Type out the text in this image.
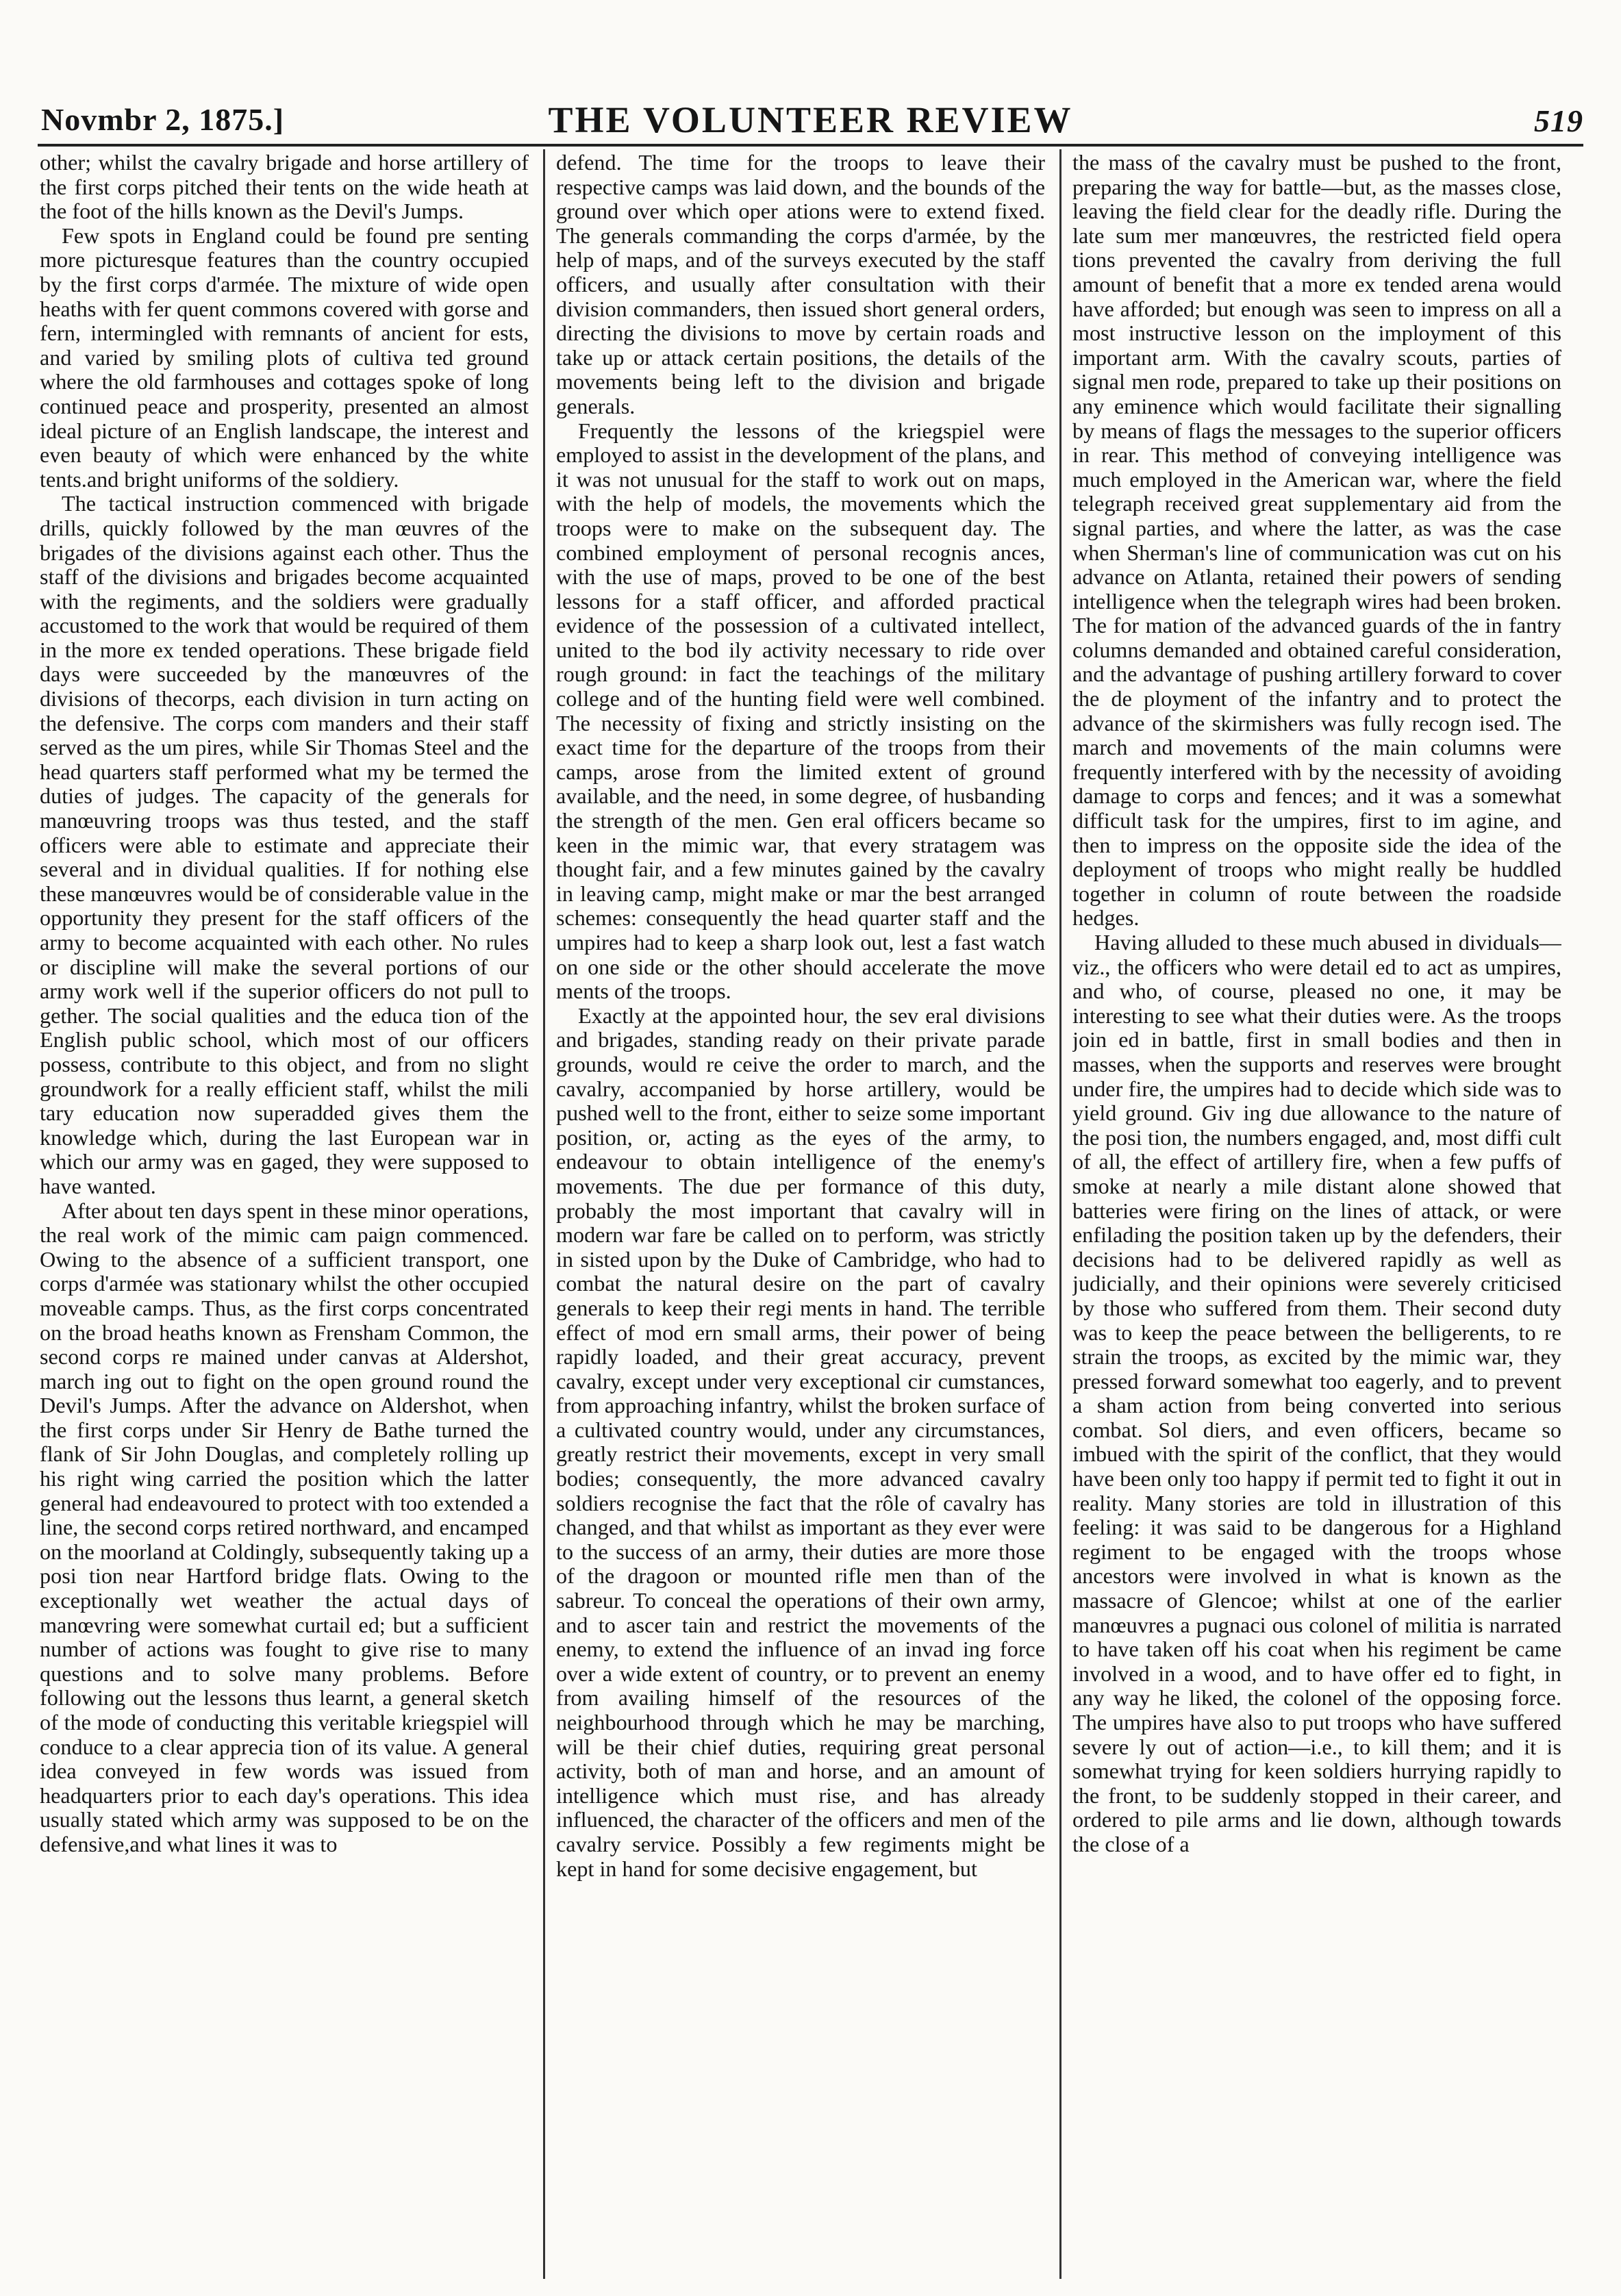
Novmbr 2, 1875.]	THE VOLUNTEER REVIEW	519

other; whilst the cavalry brigade and horse artillery of the first corps pitched their tents on the wide heath at the foot of the hills known as the Devil's Jumps.

Few spots in England could be found pre senting more picturesque features than the country occupied by the first corps d'armée. The mixture of wide open heaths with fer quent commons covered with gorse and fern, intermingled with remnants of ancient for ests, and varied by smiling plots of cultiva ted ground where the old farmhouses and cottages spoke of long continued peace and prosperity, presented an almost ideal picture of an English landscape, the interest and even beauty of which were enhanced by the white tents.and bright uniforms of the soldiery.

The tactical instruction commenced with brigade drills, quickly followed by the man œuvres of the brigades of the divisions against each other. Thus the staff of the divisions and brigades become acquainted with the regiments, and the soldiers were gradually accustomed to the work that would be required of them in the more ex tended operations. These brigade field days were succeeded by the manœuvres of the divisions of thecorps, each division in turn acting on the defensive. The corps com manders and their staff served as the um pires, while Sir Thomas Steel and the head quarters staff performed what my be termed the duties of judges. The capacity of the generals for manœuvring troops was thus tested, and the staff officers were able to estimate and appreciate their several and in dividual qualities. If for nothing else these manœuvres would be of considerable value in the opportunity they present for the staff officers of the army to become acquainted with each other. No rules or discipline will make the several portions of our army work well if the superior officers do not pull to gether. The social qualities and the educa tion of the English public school, which most of our officers possess, contribute to this object, and from no slight groundwork for a really efficient staff, whilst the mili tary education now superadded gives them the knowledge which, during the last European war in which our army was en gaged, they were supposed to have wanted.

After about ten days spent in these minor operations, the real work of the mimic cam paign commenced. Owing to the absence of a sufficient transport, one corps d'armée was stationary whilst the other occupied moveable camps. Thus, as the first corps concentrated on the broad heaths known as Frensham Common, the second corps re mained under canvas at Aldershot, march ing out to fight on the open ground round the Devil's Jumps. After the advance on Aldershot, when the first corps under Sir Henry de Bathe turned the flank of Sir John Douglas, and completely rolling up his right wing carried the position which the latter general had endeavoured to protect with too extended a line, the second corps retired northward, and encamped on the moorland at Coldingly, subsequently taking up a posi tion near Hartford bridge flats. Owing to the exceptionally wet weather the actual days of manœvring were somewhat curtail ed; but a sufficient number of actions was fought to give rise to many questions and to solve many problems. Before following out the lessons thus learnt, a general sketch of the mode of conducting this veritable kriegspiel will conduce to a clear apprecia tion of its value. A general idea conveyed in few words was issued from headquarters prior to each day's operations. This idea usually stated which army was supposed to be on the defensive,and what lines it was to

defend. The time for the troops to leave their respective camps was laid down, and the bounds of the ground over which oper ations were to extend fixed. The generals commanding the corps d'armée, by the help of maps, and of the surveys executed by the staff officers, and usually after consultation with their division commanders, then issued short general orders, directing the divisions to move by certain roads and take up or attack certain positions, the details of the movements being left to the division and brigade generals.

Frequently the lessons of the kriegspiel were employed to assist in the development of the plans, and it was not unusual for the staff to work out on maps, with the help of models, the movements which the troops were to make on the subsequent day. The combined employment of personal recognis ances, with the use of maps, proved to be one of the best lessons for a staff officer, and afforded practical evidence of the possession of a cultivated intellect, united to the bod ily activity necessary to ride over rough ground: in fact the teachings of the military college and of the hunting field were well combined. The necessity of fixing and strictly insisting on the exact time for the departure of the troops from their camps, arose from the limited extent of ground available, and the need, in some degree, of husbanding the strength of the men. Gen eral officers became so keen in the mimic war, that every stratagem was thought fair, and a few minutes gained by the cavalry in leaving camp, might make or mar the best arranged schemes: consequently the head quarter staff and the umpires had to keep a sharp look out, lest a fast watch on one side or the other should accelerate the move ments of the troops.

Exactly at the appointed hour, the sev eral divisions and brigades, standing ready on their private parade grounds, would re ceive the order to march, and the cavalry, accompanied by horse artillery, would be pushed well to the front, either to seize some important position, or, acting as the eyes of the army, to endeavour to obtain intelligence of the enemy's movements. The due per formance of this duty, probably the most important that cavalry will in modern war fare be called on to perform, was strictly in sisted upon by the Duke of Cambridge, who had to combat the natural desire on the part of cavalry generals to keep their regi ments in hand. The terrible effect of mod ern small arms, their power of being rapidly loaded, and their great accuracy, prevent cavalry, except under very exceptional cir cumstances, from approaching infantry, whilst the broken surface of a cultivated country would, under any circumstances, greatly restrict their movements, except in very small bodies; consequently, the more advanced cavalry soldiers recognise the fact that the rôle of cavalry has changed, and that whilst as important as they ever were to the success of an army, their duties are more those of the dragoon or mounted rifle men than of the sabreur. To conceal the operations of their own army, and to ascer tain and restrict the movements of the enemy, to extend the influence of an invad ing force over a wide extent of country, or to prevent an enemy from availing himself of the resources of the neighbourhood through which he may be marching, will be their chief duties, requiring great personal activity, both of man and horse, and an amount of intelligence which must rise, and has already influenced, the character of the officers and men of the cavalry service. Possibly a few regiments might be kept in hand for some decisive engagement, but

the mass of the cavalry must be pushed to the front, preparing the way for battle—but, as the masses close, leaving the field clear for the deadly rifle. During the late sum mer manœuvres, the restricted field opera tions prevented the cavalry from deriving the full amount of benefit that a more ex tended arena would have afforded; but enough was seen to impress on all a most instructive lesson on the imployment of this important arm. With the cavalry scouts, parties of signal men rode, prepared to take up their positions on any eminence which would facilitate their signalling by means of flags the messages to the superior officers in rear. This method of conveying intelligence was much employed in the American war, where the field telegraph received great supplementary aid from the signal parties, and where the latter, as was the case when Sherman's line of communication was cut on his advance on Atlanta, retained their powers of sending intelligence when the telegraph wires had been broken. The for mation of the advanced guards of the in fantry columns demanded and obtained careful consideration, and the advantage of pushing artillery forward to cover the de ployment of the infantry and to protect the advance of the skirmishers was fully recogn ised. The march and movements of the main columns were frequently interfered with by the necessity of avoiding damage to corps and fences; and it was a somewhat difficult task for the umpires, first to im agine, and then to impress on the opposite side the idea of the deployment of troops who might really be huddled together in column of route between the roadside hedges.

Having alluded to these much abused in dividuals—viz., the officers who were detail ed to act as umpires, and who, of course, pleased no one, it may be interesting to see what their duties were. As the troops join ed in battle, first in small bodies and then in masses, when the supports and reserves were brought under fire, the umpires had to decide which side was to yield ground. Giv ing due allowance to the nature of the posi tion, the numbers engaged, and, most diffi cult of all, the effect of artillery fire, when a few puffs of smoke at nearly a mile distant alone showed that batteries were firing on the lines of attack, or were enfilading the position taken up by the defenders, their decisions had to be delivered rapidly as well as judicially, and their opinions were severely criticised by those who suffered from them. Their second duty was to keep the peace between the belligerents, to re strain the troops, as excited by the mimic war, they pressed forward somewhat too eagerly, and to prevent a sham action from being converted into serious combat. Sol diers, and even officers, became so imbued with the spirit of the conflict, that they would have been only too happy if permit ted to fight it out in reality. Many stories are told in illustration of this feeling: it was said to be dangerous for a Highland regiment to be engaged with the troops whose ancestors were involved in what is known as the massacre of Glencoe; whilst at one of the earlier manœuvres a pugnaci ous colonel of militia is narrated to have taken off his coat when his regiment be came involved in a wood, and to have offer ed to fight, in any way he liked, the colonel of the opposing force. The umpires have also to put troops who have suffered severe ly out of action—i.e., to kill them; and it is somewhat trying for keen soldiers hurrying rapidly to the front, to be suddenly stopped in their career, and ordered to pile arms and lie down, although towards the close of a
